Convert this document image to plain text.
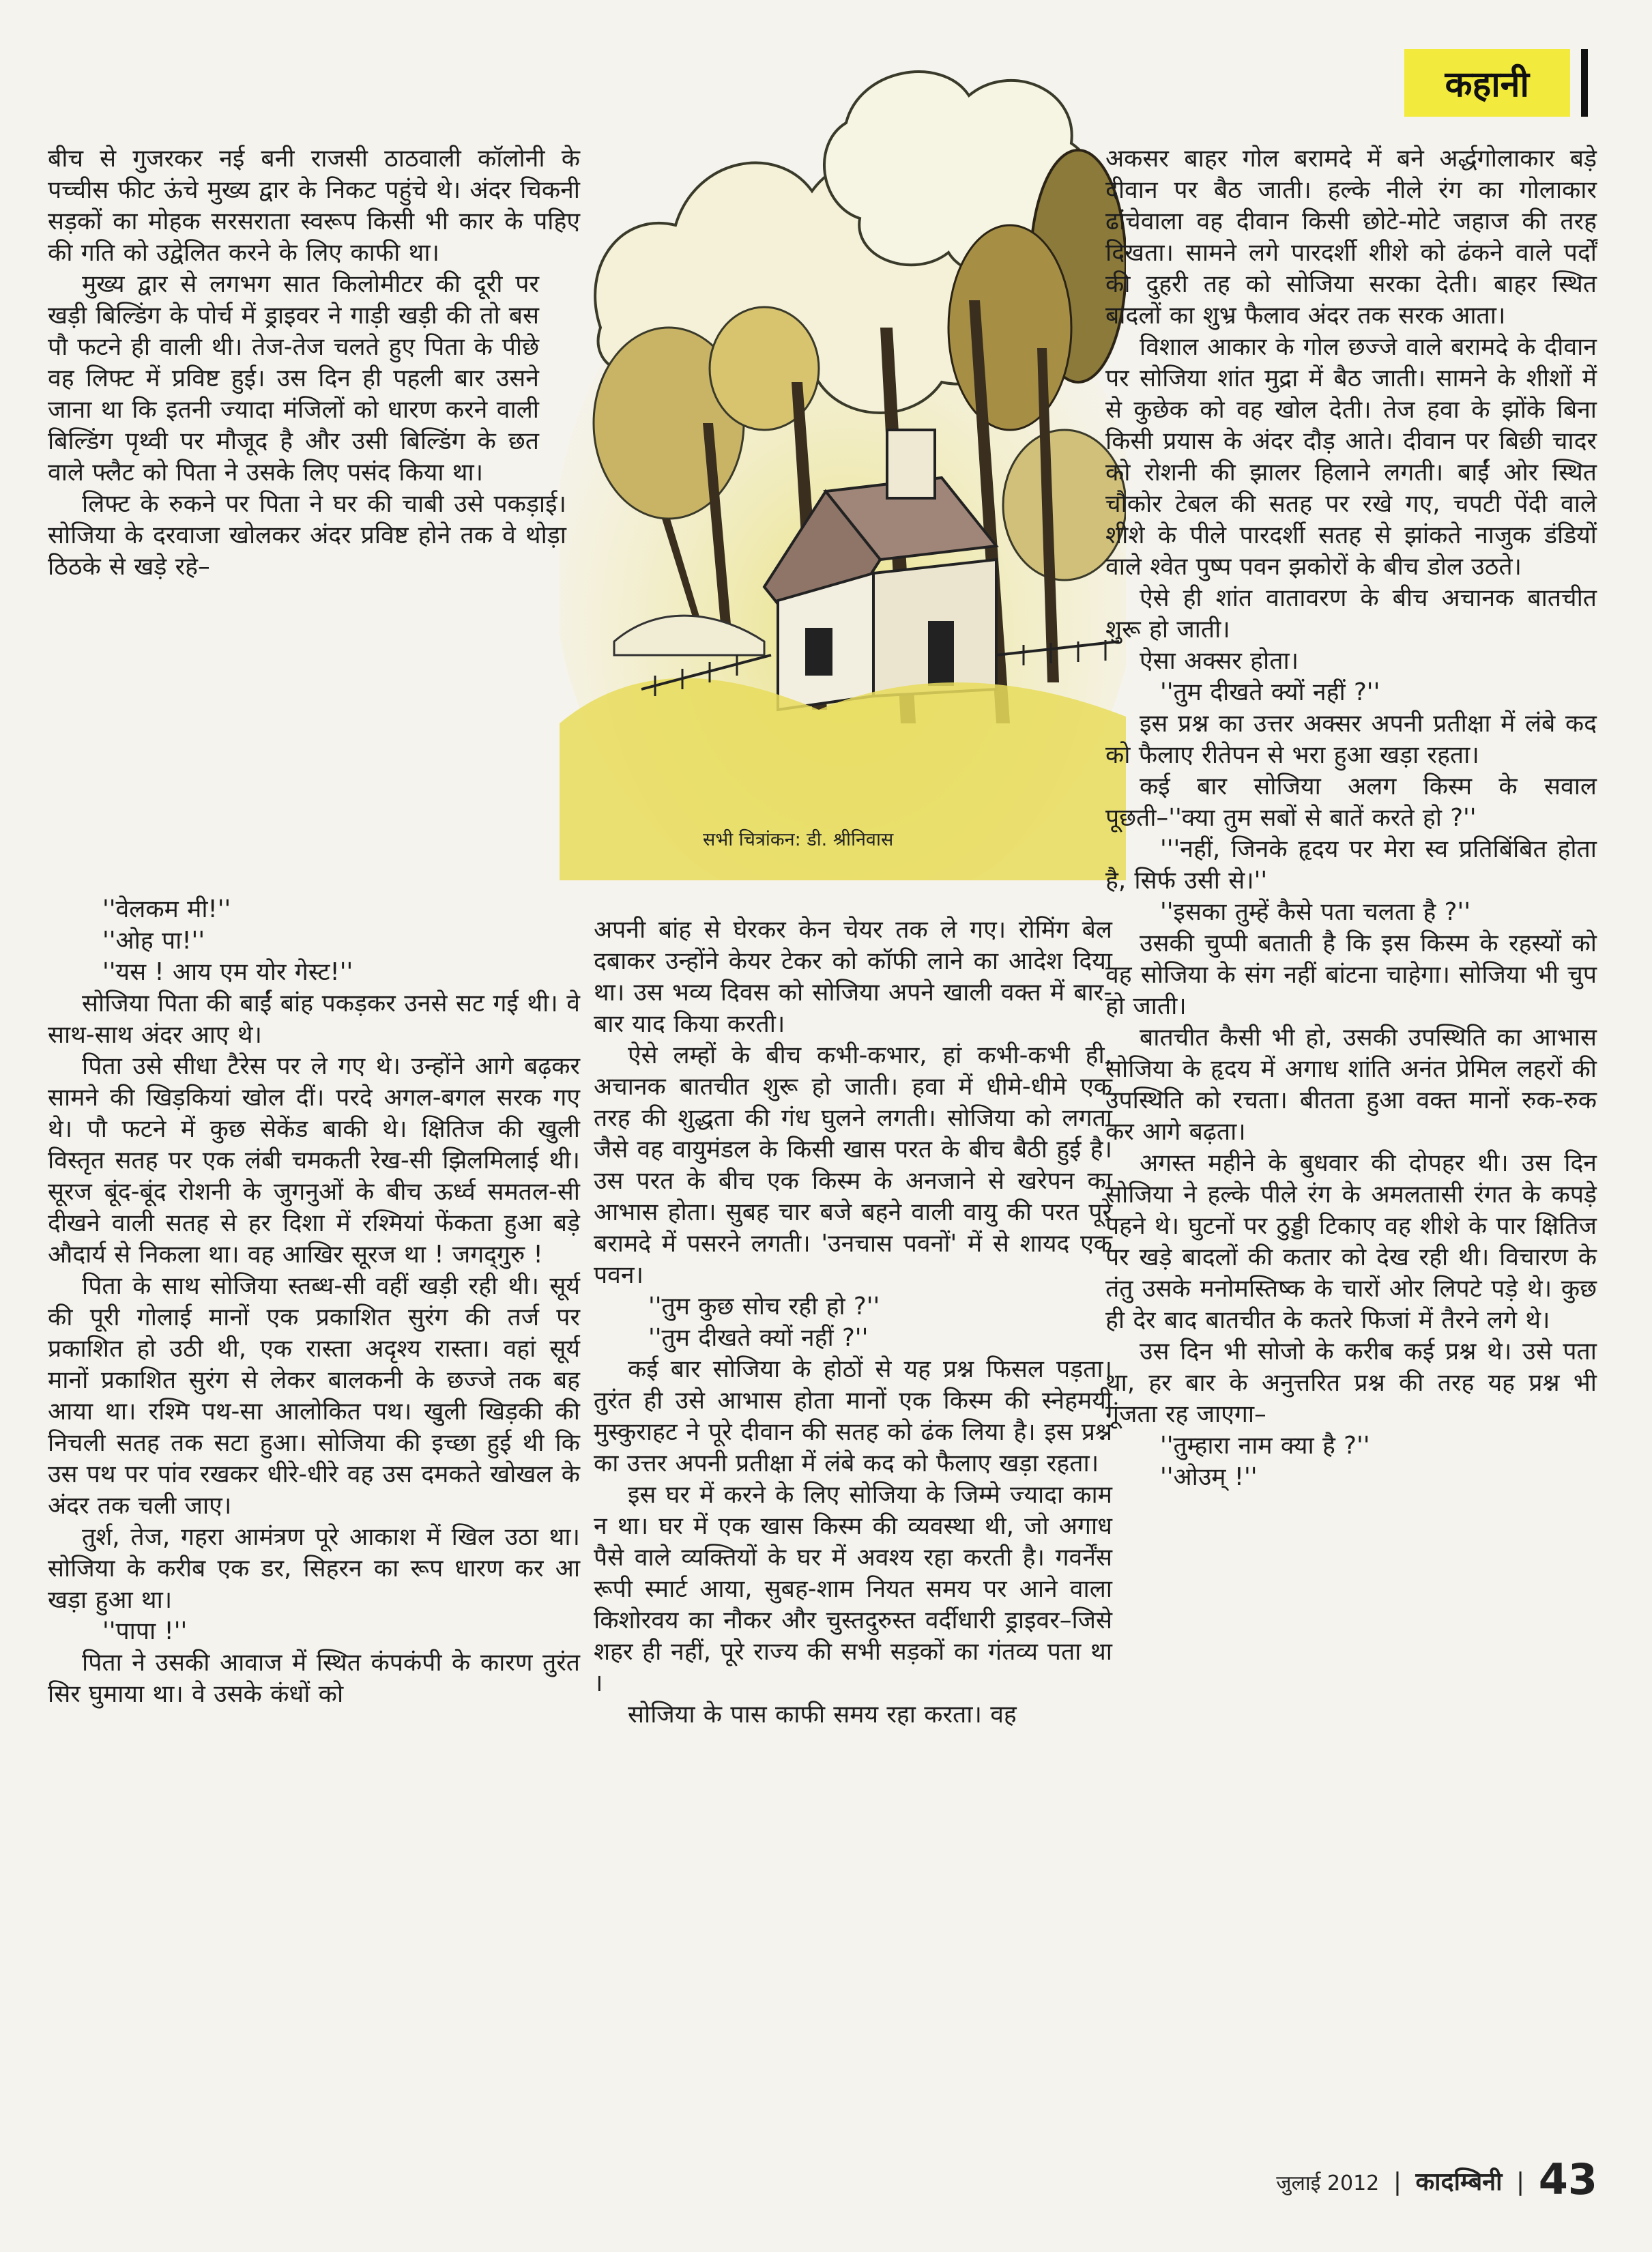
कहानी
सभी चित्रांकन: डी. श्रीनिवास

बीच से गुजरकर नई बनी राजसी ठाठवाली कॉलोनी के पच्चीस फीट ऊंचे मुख्य द्वार के निकट पहुंचे थे। अंदर चिकनी सड़कों का मोहक सरसराता स्वरूप किसी भी कार के पहिए की गति को उद्वेलित करने के लिए काफी था।

मुख्य द्वार से लगभग सात किलोमीटर की दूरी पर खड़ी बिल्डिंग के पोर्च में ड्राइवर ने गाड़ी खड़ी की तो बस पौ फटने ही वाली थी। तेज-तेज चलते हुए पिता के पीछे वह लिफ्ट में प्रविष्ट हुई। उस दिन ही पहली बार उसने जाना था कि इतनी ज्यादा मंजिलों को धारण करने वाली बिल्डिंग पृथ्वी पर मौजूद है और उसी बिल्डिंग के छत वाले फ्लैट को पिता ने उसके लिए पसंद किया था।

लिफ्ट के रुकने पर पिता ने घर की चाबी उसे पकड़ाई। सोजिया के दरवाजा खोलकर अंदर प्रविष्ट होने तक वे थोड़ा ठिठके से खड़े रहे–

''वेलकम मी!''

''ओह पा!''

''यस ! आय एम योर गेस्ट!''

सोजिया पिता की बाईं बांह पकड़कर उनसे सट गई थी। वे साथ-साथ अंदर आए थे।

पिता उसे सीधा टैरेस पर ले गए थे। उन्होंने आगे बढ़कर सामने की खिड़कियां खोल दीं। परदे अगल-बगल सरक गए थे। पौ फटने में कुछ सेकेंड बाकी थे। क्षितिज की खुली विस्तृत सतह पर एक लंबी चमकती रेख-सी झिलमिलाई थी। सूरज बूंद-बूंद रोशनी के जुगनुओं के बीच ऊर्ध्व समतल-सी दीखने वाली सतह से हर दिशा में रश्मियां फेंकता हुआ बड़े औदार्य से निकला था। वह आखिर सूरज था ! जगद्‍गुरु !

पिता के साथ सोजिया स्तब्ध-सी वहीं खड़ी रही थी। सूर्य की पूरी गोलाई मानों एक प्रकाशित सुरंग की तर्ज पर प्रकाशित हो उठी थी, एक रास्ता अदृश्य रास्ता। वहां सूर्य मानों प्रकाशित सुरंग से लेकर बालकनी के छज्जे तक बह आया था। रश्मि पथ-सा आलोकित पथ। खुली खिड़की की निचली सतह तक सटा हुआ। सोजिया की इच्छा हुई थी कि उस पथ पर पांव रखकर धीरे-धीरे वह उस दमकते खोखल के अंदर तक चली जाए।

तुर्श, तेज, गहरा आमंत्रण पूरे आकाश में खिल उठा था। सोजिया के करीब एक डर, सिहरन का रूप धारण कर आ खड़ा हुआ था।

''पापा !''

पिता ने उसकी आवाज में स्थित कंपकंपी के कारण तुरंत सिर घुमाया था। वे उसके कंधों को

अपनी बांह से घेरकर केन चेयर तक ले गए। रोमिंग बेल दबाकर उन्होंने केयर टेकर को कॉफी लाने का आदेश दिया था। उस भव्य दिवस को सोजिया अपने खाली वक्त में बार-बार याद किया करती।

ऐसे लम्हों के बीच कभी-कभार, हां कभी-कभी ही, अचानक बातचीत शुरू हो जाती। हवा में धीमे-धीमे एक तरह की शुद्धता की गंध घुलने लगती। सोजिया को लगता जैसे वह वायुमंडल के किसी खास परत के बीच बैठी हुई है। उस परत के बीच एक किस्म के अनजाने से खरेपन का आभास होता। सुबह चार बजे बहने वाली वायु की परत पूरे बरामदे में पसरने लगती। 'उनचास पवनों' में से शायद एक पवन।

''तुम कुछ सोच रही हो ?''

''तुम दीखते क्यों नहीं ?''

कई बार सोजिया के होठों से यह प्रश्न फिसल पड़ता। तुरंत ही उसे आभास होता मानों एक किस्म की स्नेहमयी मुस्कुराहट ने पूरे दीवान की सतह को ढंक लिया है। इस प्रश्न का उत्तर अपनी प्रतीक्षा में लंबे कद को फैलाए खड़ा रहता।

इस घर में करने के लिए सोजिया के जिम्मे ज्यादा काम न था। घर में एक खास किस्म की व्यवस्था थी, जो अगाध पैसे वाले व्यक्तियों के घर में अवश्य रहा करती है। गवर्नेंस रूपी स्मार्ट आया, सुबह-शाम नियत समय पर आने वाला किशोरवय का नौकर और चुस्तदुरुस्त वर्दीधारी ड्राइवर–जिसे शहर ही नहीं, पूरे राज्य की सभी सड़कों का गंतव्य पता था ।

सोजिया के पास काफी समय रहा करता। वह

अकसर बाहर गोल बरामदे में बने अर्द्धगोलाकार बड़े दीवान पर बैठ जाती। हल्के नीले रंग का गोलाकार ढांचेवाला वह दीवान किसी छोटे-मोटे जहाज की तरह दिखता। सामने लगे पारदर्शी शीशे को ढंकने वाले पर्दों की दुहरी तह को सोजिया सरका देती। बाहर स्थित बादलों का शुभ्र फैलाव अंदर तक सरक आता।

विशाल आकार के गोल छज्जे वाले बरामदे के दीवान पर सोजिया शांत मुद्रा में बैठ जाती। सामने के शीशों में से कुछेक को वह खोल देती। तेज हवा के झोंके बिना किसी प्रयास के अंदर दौड़ आते। दीवान पर बिछी चादर को रोशनी की झालर हिलाने लगती। बाईं ओर स्थित चौकोर टेबल की सतह पर रखे गए, चपटी पेंदी वाले शीशे के पीले पारदर्शी सतह से झांकते नाजुक डंडियों वाले श्वेत पुष्प पवन झकोरों के बीच डोल उठते।

ऐसे ही शांत वातावरण के बीच अचानक बातचीत शुरू हो जाती।

ऐसा अक्सर होता।

''तुम दीखते क्यों नहीं ?''

इस प्रश्न का उत्तर अक्सर अपनी प्रतीक्षा में लंबे कद को फैलाए रीतेपन से भरा हुआ खड़ा रहता।

कई बार सोजिया अलग किस्म के सवाल पूछती–''क्या तुम सबों से बातें करते हो ?''

'''नहीं, जिनके हृदय पर मेरा स्व प्रतिबिंबित होता है, सिर्फ उसी से।''

''इसका तुम्हें कैसे पता चलता है ?''

उसकी चुप्पी बताती है कि इस किस्म के रहस्यों को वह सोजिया के संग नहीं बांटना चाहेगा। सोजिया भी चुप हो जाती।

बातचीत कैसी भी हो, उसकी उपस्थिति का आभास सोजिया के हृदय में अगाध शांति अनंत प्रेमिल लहरों की उपस्थिति को रचता। बीतता हुआ वक्त मानों रुक-रुक कर आगे बढ़ता।

अगस्त महीने के बुधवार की दोपहर थी। उस दिन सोजिया ने हल्के पीले रंग के अमलतासी रंगत के कपड़े पहने थे। घुटनों पर ठुड्डी टिकाए वह शीशे के पार क्षितिज पर खड़े बादलों की कतार को देख रही थी। विचारण के तंतु उसके मनोमस्तिष्क के चारों ओर लिपटे पड़े थे। कुछ ही देर बाद बातचीत के कतरे फिजां में तैरने लगे थे।

उस दिन भी सोजो के करीब कई प्रश्न थे। उसे पता था, हर बार के अनुत्तरित प्रश्न की तरह यह प्रश्न भी गूंजता रह जाएगा–

''तुम्हारा नाम क्या है ?''

''ओउम् !''

जुलाई 2012 | कादम्बिनी | 43
